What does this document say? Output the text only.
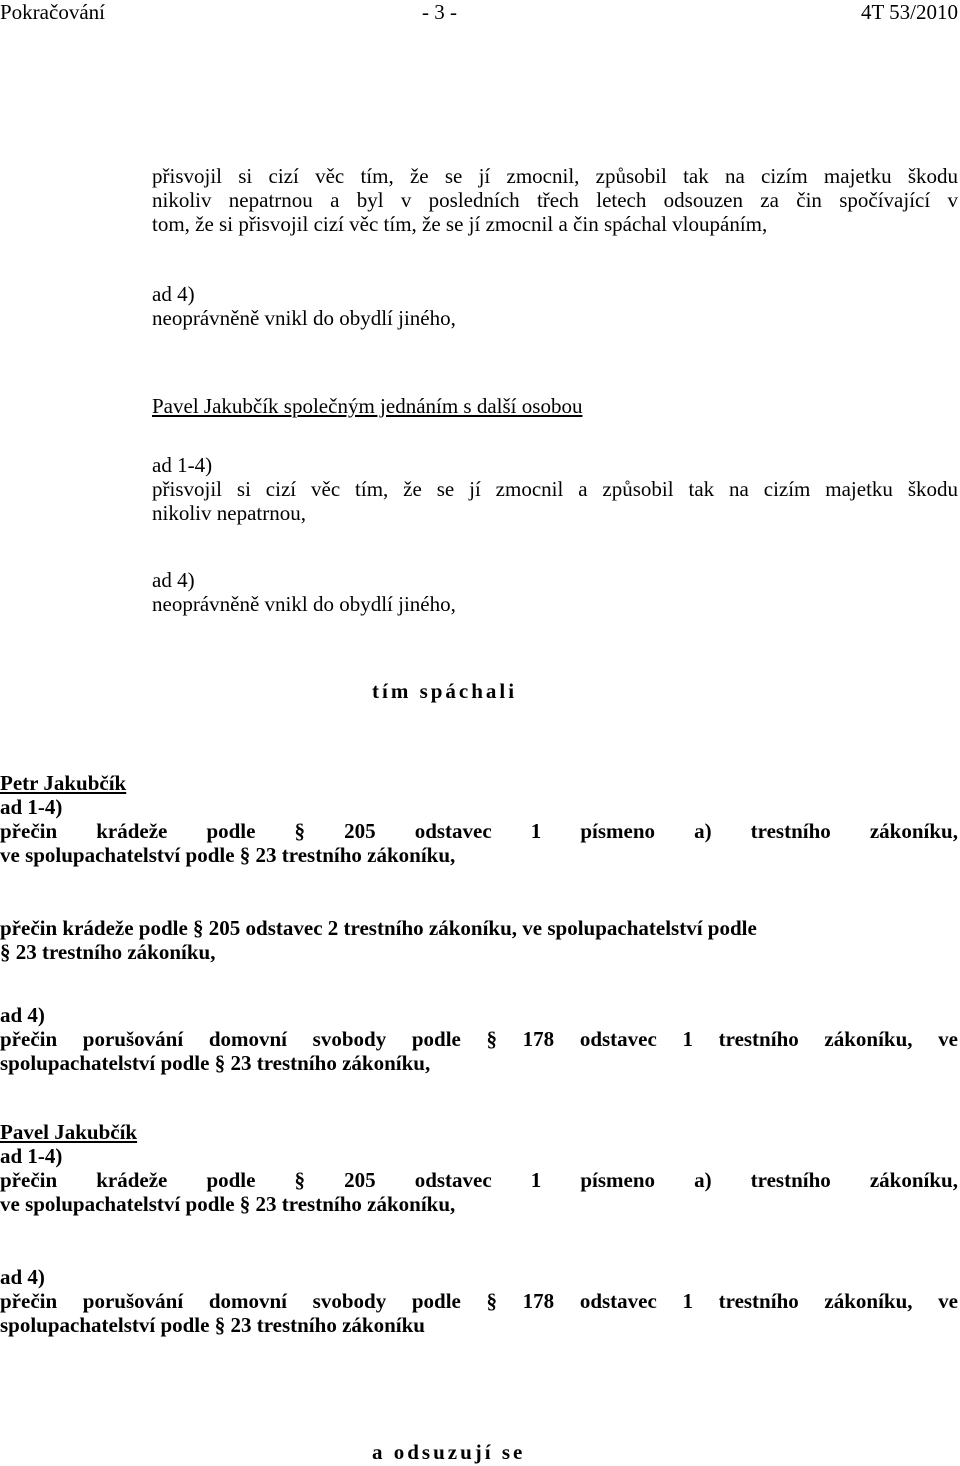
Pokračování	- 3 -	4T 53/2010
přisvojil si cizí věc tím, že se jí zmocnil, způsobil tak na cizím majetku škodu
nikoliv nepatrnou a byl v posledních třech letech odsouzen za čin spočívající v
tom, že si přisvojil cizí věc tím, že se jí zmocnil a čin spáchal vloupáním,
ad 4)
neoprávněně vnikl do obydlí jiného,
Pavel Jakubčík společným jednáním s další osobou
ad 1-4)
přisvojil si cizí věc tím, že se jí zmocnil a způsobil tak na cizím majetku škodu
nikoliv nepatrnou,
ad 4)
neoprávněně vnikl do obydlí jiného,
tím spáchali
Petr Jakubčík
ad 1-4)
přečin krádeže podle § 205 odstavec 1 písmeno a) trestního zákoníku,
ve spolupachatelství podle § 23 trestního zákoníku,
přečin krádeže podle § 205 odstavec 2 trestního zákoníku, ve spolupachatelství podle
§ 23 trestního zákoníku,
ad 4)
přečin porušování domovní svobody podle § 178 odstavec 1 trestního zákoníku, ve
spolupachatelství podle § 23 trestního zákoníku,
Pavel Jakubčík
ad 1-4)
přečin krádeže podle § 205 odstavec 1 písmeno a) trestního zákoníku,
ve spolupachatelství podle § 23 trestního zákoníku,
ad 4)
přečin porušování domovní svobody podle § 178 odstavec 1 trestního zákoníku, ve
spolupachatelství podle § 23 trestního zákoníku
a odsuzují se
